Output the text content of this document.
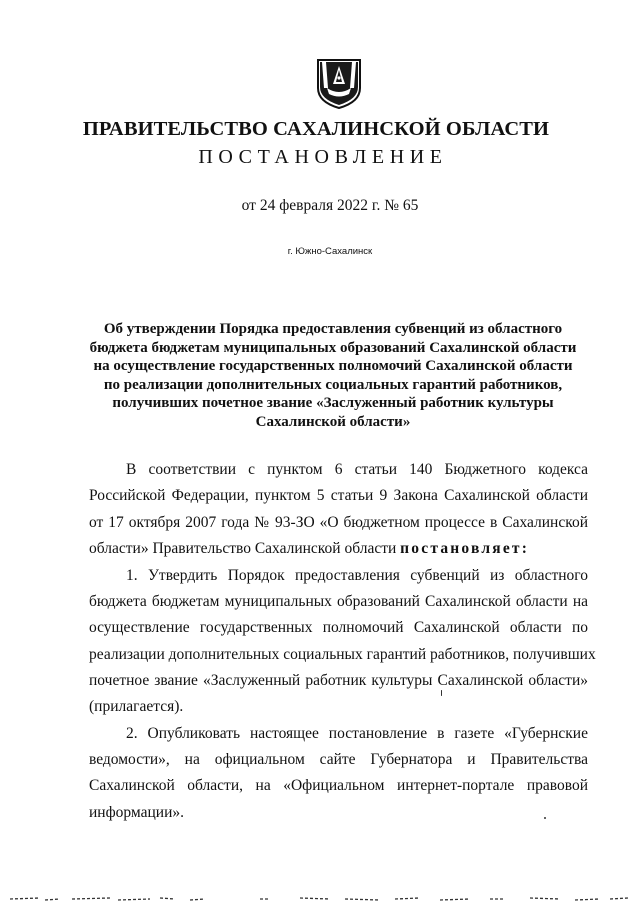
ПРАВИТЕЛЬСТВО САХАЛИНСКОЙ ОБЛАСТИ
ПОСТАНОВЛЕНИЕ
от 24 февраля 2022 г. № 65
г. Южно-Сахалинск
Об утверждении Порядка предоставления субвенций из областного
бюджета бюджетам муниципальных образований Сахалинской области
на осуществление государственных полномочий Сахалинской области
по реализации дополнительных социальных гарантий работников,
получивших почетное звание «Заслуженный работник культуры
Сахалинской области»
В соответствии с пунктом 6 статьи 140 Бюджетного кодекса
Российской Федерации, пунктом 5 статьи 9 Закона Сахалинской области
от 17 октября 2007 года № 93-ЗО «О бюджетном процессе в Сахалинской
области» Правительство Сахалинской области постановляет:
1. Утвердить Порядок предоставления субвенций из областного
бюджета бюджетам муниципальных образований Сахалинской области на
осуществление государственных полномочий Сахалинской области по
реализации дополнительных социальных гарантий работников, получивших
почетное звание «Заслуженный работник культуры Сахалинской области»
(прилагается).
2. Опубликовать настоящее постановление в газете «Губернские
ведомости», на официальном сайте Губернатора и Правительства
Сахалинской области, на «Официальном интернет-портале правовой
информации».
